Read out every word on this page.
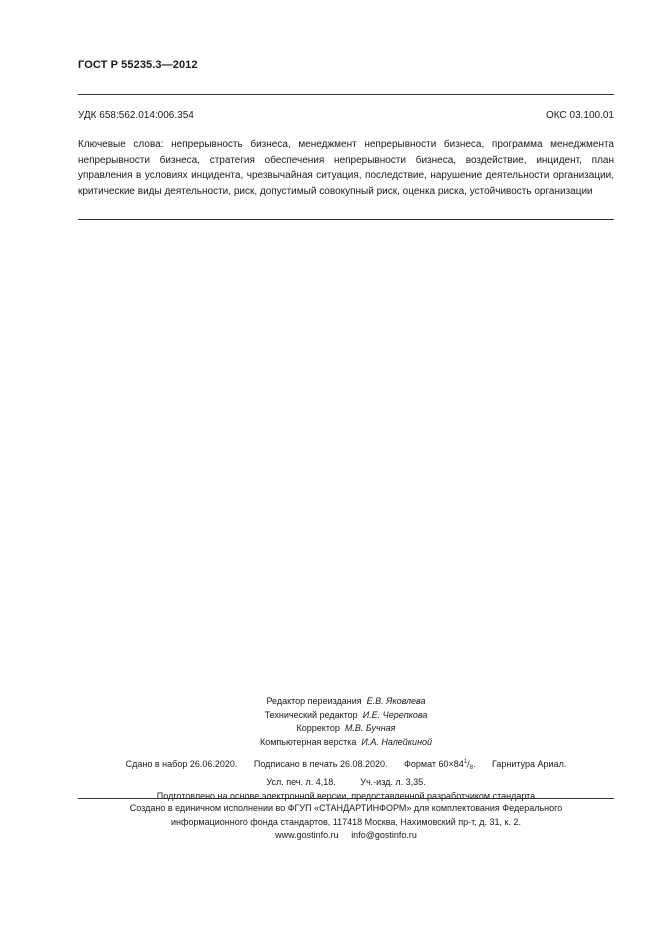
ГОСТ Р 55235.3—2012
УДК 658:562.014:006.354	ОКС 03.100.01

Ключевые слова: непрерывность бизнеса, менеджмент непрерывности бизнеса, программа менеджмента непрерывности бизнеса, стратегия обеспечения непрерывности бизнеса, воздействие, инцидент, план управления в условиях инцидента, чрезвычайная ситуация, последствие, нарушение деятельности организации, критические виды деятельности, риск, допустимый совокупный риск, оценка риска, устойчивость организации

Редактор переиздания Е.В. Яковлева
Технический редактор И.Е. Черепкова
Корректор М.В. Бучная
Компьютерная верстка И.А. Налейкиной
Сдано в набор 26.06.2020. Подписано в печать 26.08.2020. Формат $60\times 84^1/_8$. Гарнитура Ариал.
Усл. печ. л. 4,18.	Уч.-изд. л. 3,35.
Подготовлено на основе электронной версии, предоставленной разработчиком стандарта
Создано в единичном исполнении во ФГУП «СТАНДАРТИНФОРМ» для комплектования Федерального
информационного фонда стандартов, 117418 Москва, Нахимовский пр-т, д. 31, к. 2.
www.gostinfo.ru info@gostinfo.ru
